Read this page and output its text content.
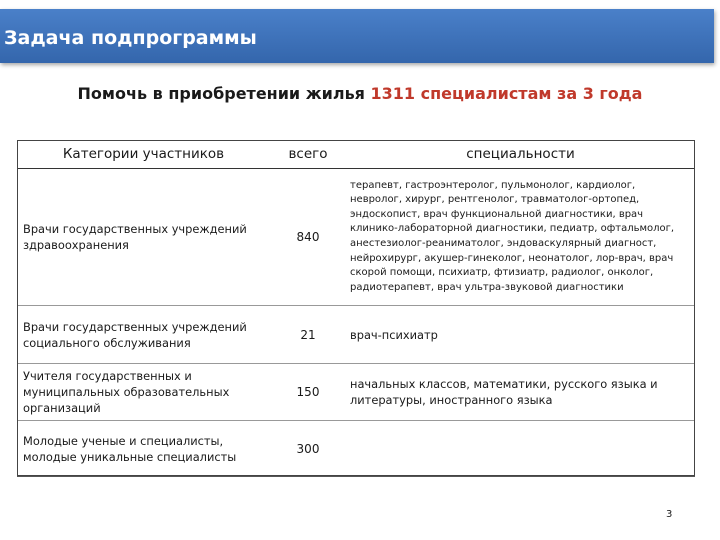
Задача подпрограммы
Помочь в приобретении жилья 1311 специалистам за 3 года
Категории участников	всего	специальности
Врачи государственных учреждений здравоохранения	840	терапевт, гастроэнтеролог, пульмонолог, кардиолог, невролог, хирург, рентгенолог, травматолог-ортопед, эндоскопист, врач функциональной диагностики, врач клинико-лабораторной диагностики, педиатр, офтальмолог, анестезиолог-реаниматолог, эндоваскулярный диагност, нейрохирург, акушер-гинеколог, неонатолог, лор-врач, врач скорой помощи, психиатр, фтизиатр, радиолог, онколог, радиотерапевт, врач ультра-звуковой диагностики
Врачи государственных учреждений социального обслуживания	21	врач-психиатр
Учителя государственных и муниципальных образовательных организаций	150	начальных классов, математики, русского языка и литературы, иностранного языка
Молодые ученые и специалисты, молодые уникальные специалисты	300	
3
